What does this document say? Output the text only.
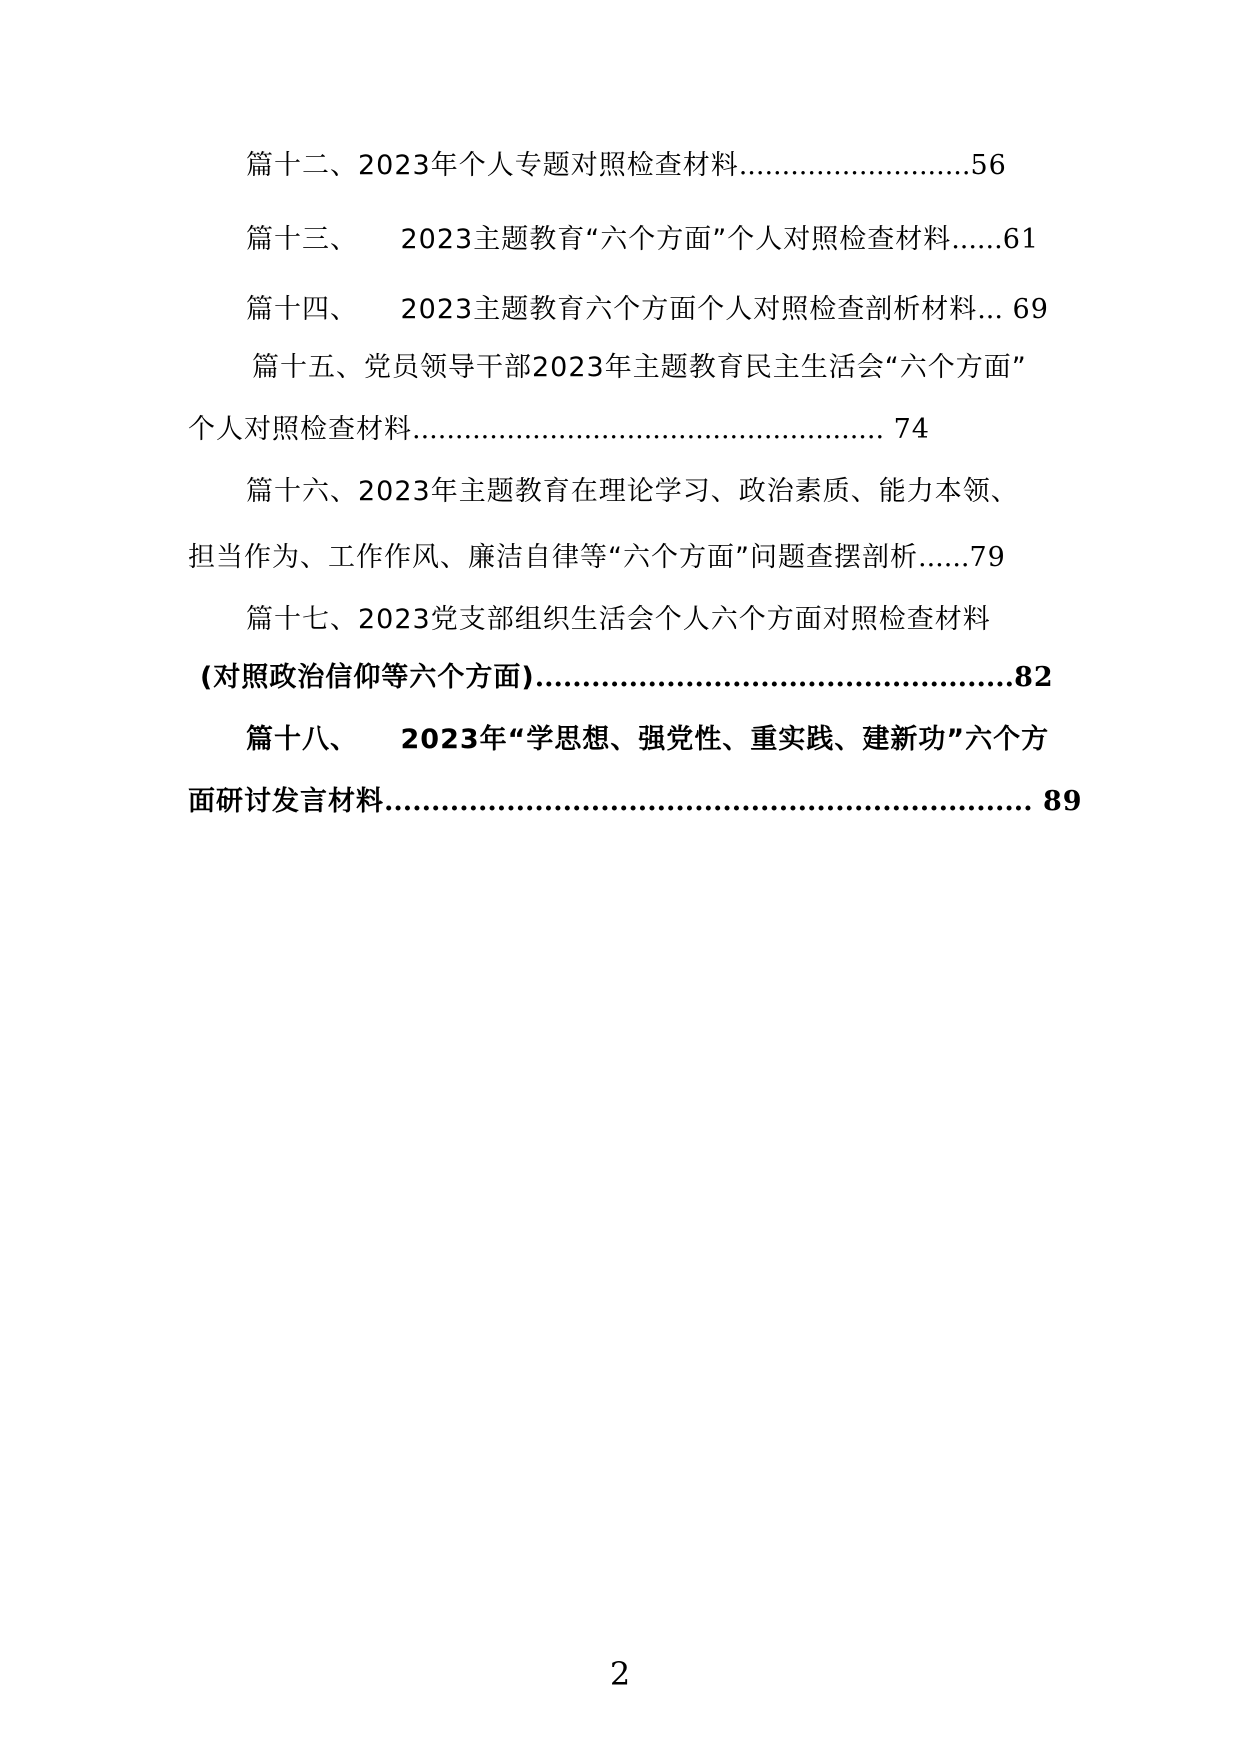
篇十二、2023年个人专题对照检查材料...........................56
篇十三、　　2023主题教育“六个方面”个人对照检查材料......61
篇十四、　　2023主题教育六个方面个人对照检查剖析材料... 69
篇十五、党员领导干部2023年主题教育民主生活会“六个方面”
个人对照检查材料....................................................... 74
篇十六、2023年主题教育在理论学习、政治素质、能力本领、
担当作为、工作作风、廉洁自律等“六个方面”问题查摆剖析......79
篇十七、2023党支部组织生活会个人六个方面对照检查材料
(对照政治信仰等六个方面)...................................................82
篇十八、　　2023年“学思想、强党性、重实践、建新功”六个方
面研讨发言材料..................................................................... 89
2
